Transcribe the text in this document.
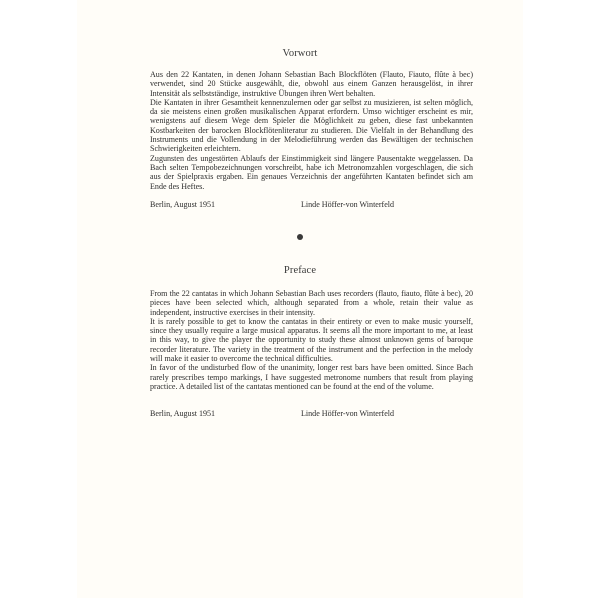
Vorwort

Aus den 22 Kantaten, in denen Johann Sebastian Bach Blockflöten (Flauto, Fiauto, flûte à bec) verwendet, sind 20 Stücke ausgewählt, die, obwohl aus einem Ganzen herausgelöst, in ihrer Intensität als selbstständige, instruktive Übungen ihren Wert behalten.

Die Kantaten in ihrer Gesamtheit kennenzulernen oder gar selbst zu musizieren, ist selten möglich, da sie meistens einen großen musikalischen Apparat erfordern. Umso wichtiger erscheint es mir, wenigstens auf diesem Wege dem Spieler die Möglichkeit zu geben, diese fast unbekannten Kostbarkeiten der barocken Blockflötenliteratur zu studieren. Die Vielfalt in der Behandlung des Instruments und die Vollendung in der Melodieführung werden das Bewältigen der technischen Schwierigkeiten erleichtern.

Zugunsten des ungestörten Ablaufs der Einstimmigkeit sind längere Pausentakte weggelassen. Da Bach selten Tempobezeichnungen vorschreibt, habe ich Metronomzahlen vorgeschlagen, die sich aus der Spielpraxis ergaben. Ein genaues Verzeichnis der angeführten Kantaten befindet sich am Ende des Heftes.

Berlin, August 1951	Linde Höffer-von Winterfeld
Preface

From the 22 cantatas in which Johann Sebastian Bach uses recorders (flauto, fiauto, flûte à bec), 20 pieces have been selected which, although separated from a whole, retain their value as independent, instructive exercises in their intensity.

It is rarely possible to get to know the cantatas in their entirety or even to make music yourself, since they usually require a large musical apparatus. It seems all the more important to me, at least in this way, to give the player the opportunity to study these almost unknown gems of baroque recorder literature. The variety in the treatment of the instrument and the perfection in the melody will make it easier to overcome the technical difficulties.

In favor of the undisturbed flow of the unanimity, longer rest bars have been omitted. Since Bach rarely prescribes tempo markings, I have suggested metronome numbers that result from playing practice. A detailed list of the cantatas mentioned can be found at the end of the volume.

Berlin, August 1951	Linde Höffer-von Winterfeld
